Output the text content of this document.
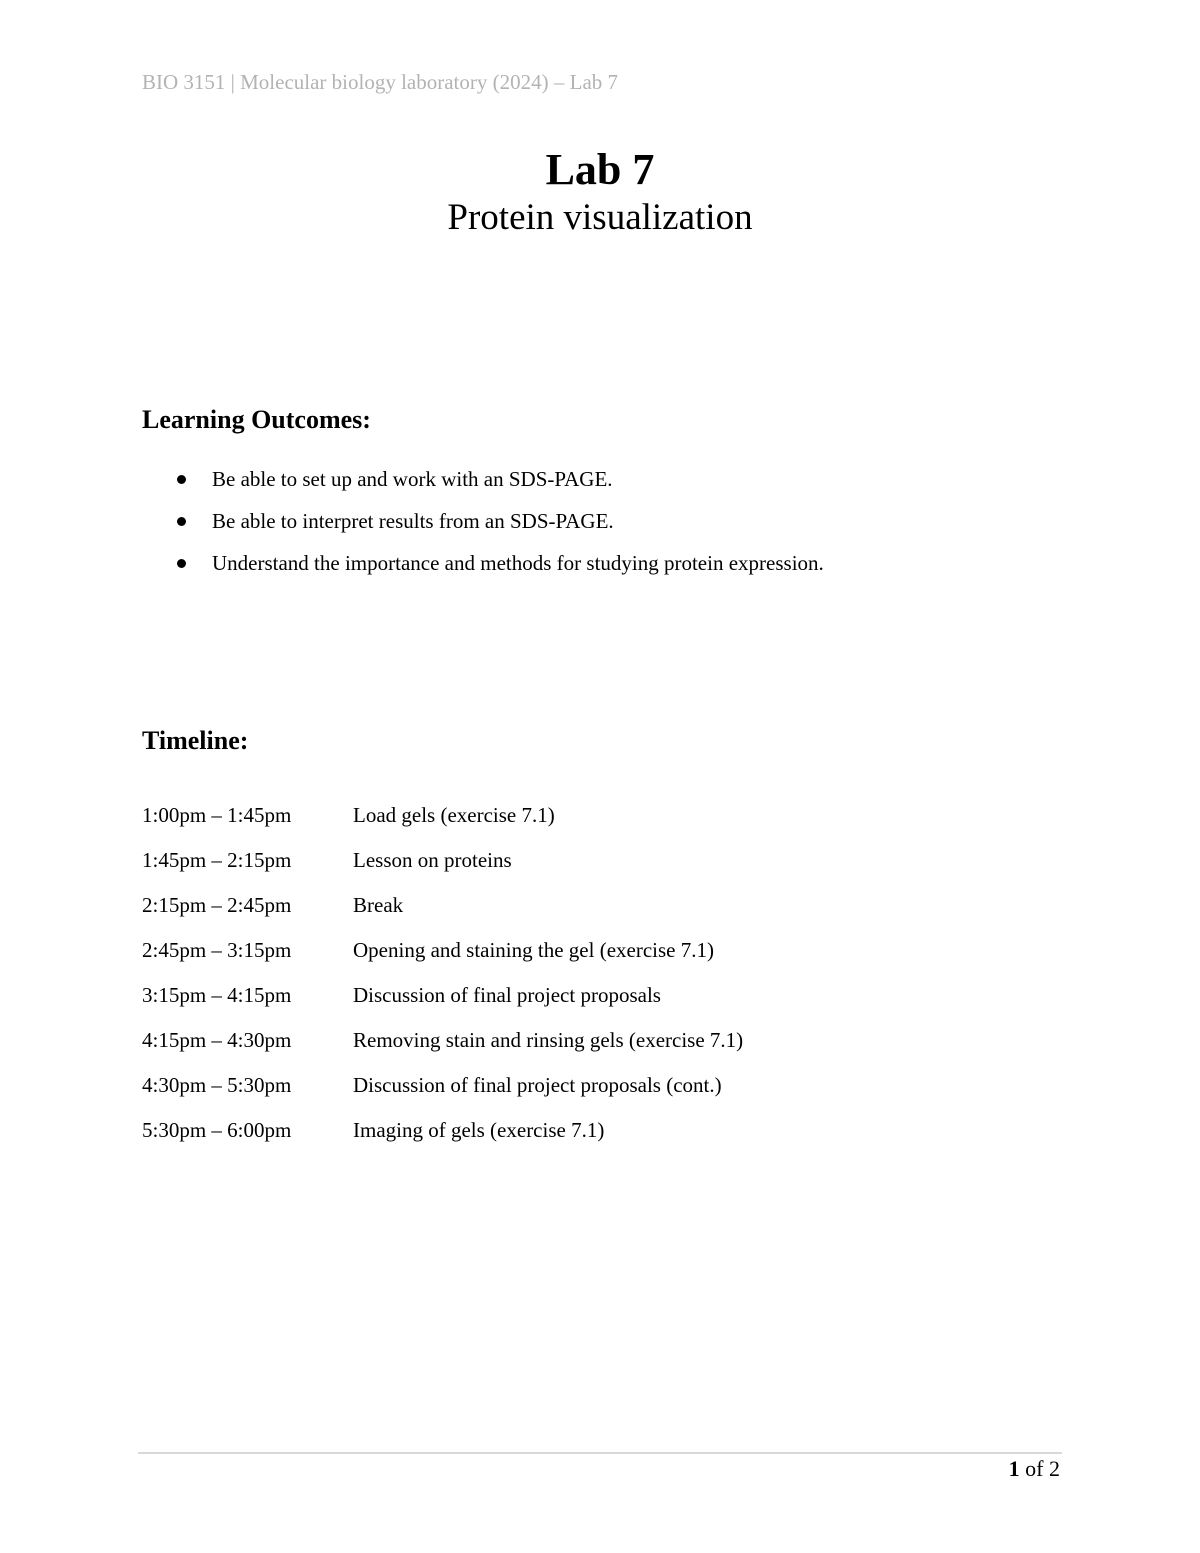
BIO 3151 | Molecular biology laboratory (2024) – Lab 7
Lab 7
Protein visualization
Learning Outcomes:
Be able to set up and work with an SDS-PAGE.
Be able to interpret results from an SDS-PAGE.
Understand the importance and methods for studying protein expression.
Timeline:
1:00pm – 1:45pm	Load gels (exercise 7.1)
1:45pm – 2:15pm	Lesson on proteins
2:15pm – 2:45pm	Break
2:45pm – 3:15pm	Opening and staining the gel (exercise 7.1)
3:15pm – 4:15pm	Discussion of final project proposals
4:15pm – 4:30pm	Removing stain and rinsing gels (exercise 7.1)
4:30pm – 5:30pm	Discussion of final project proposals (cont.)
5:30pm – 6:00pm	Imaging of gels (exercise 7.1)
1 of 2
